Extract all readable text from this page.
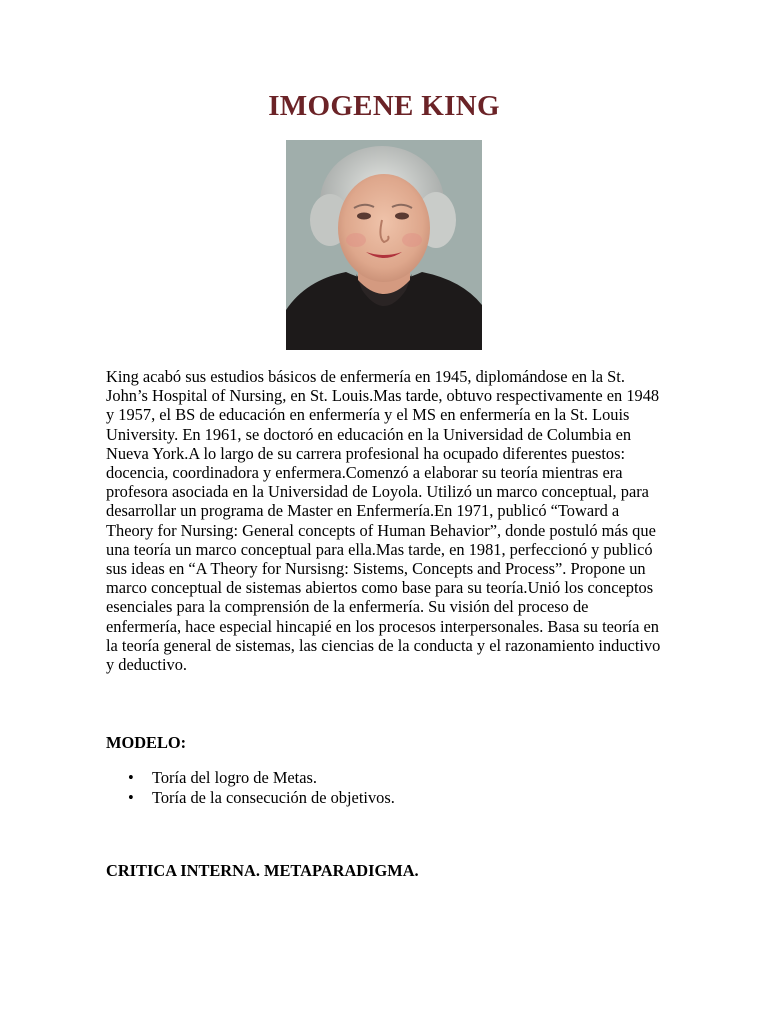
IMOGENE KING

King acabó sus estudios básicos de enfermería en 1945, diplomándose en la St. John’s Hospital of Nursing, en St. Louis.Mas tarde, obtuvo respectivamente en 1948 y 1957, el BS de educación en enfermería y el MS en enfermería en la St. Louis University. En 1961, se doctoró en educación en la Universidad de Columbia en Nueva York.A lo largo de su carrera profesional ha ocupado diferentes puestos: docencia, coordinadora y enfermera.Comenzó a elaborar su teoría mientras era profesora asociada en la Universidad de Loyola. Utilizó un marco conceptual, para desarrollar un programa de Master en Enfermería.En 1971, publicó “Toward a Theory for Nursing: General concepts of Human Behavior”, donde postuló más que una teoría un marco conceptual para ella.Mas tarde, en 1981, perfeccionó y publicó sus ideas en “A Theory for Nursisng: Sistems, Concepts and Process”. Propone un marco conceptual de sistemas abiertos como base para su teoría.Unió los conceptos esenciales para la comprensión de la enfermería. Su visión del proceso de enfermería, hace especial hincapié en los procesos interpersonales. Basa su teoría en la teoría general de sistemas, las ciencias de la conducta y el razonamiento inductivo y deductivo.

MODELO:

• Toría del logro de Metas.
• Toría de la consecución de objetivos.

CRITICA INTERNA. METAPARADIGMA.
